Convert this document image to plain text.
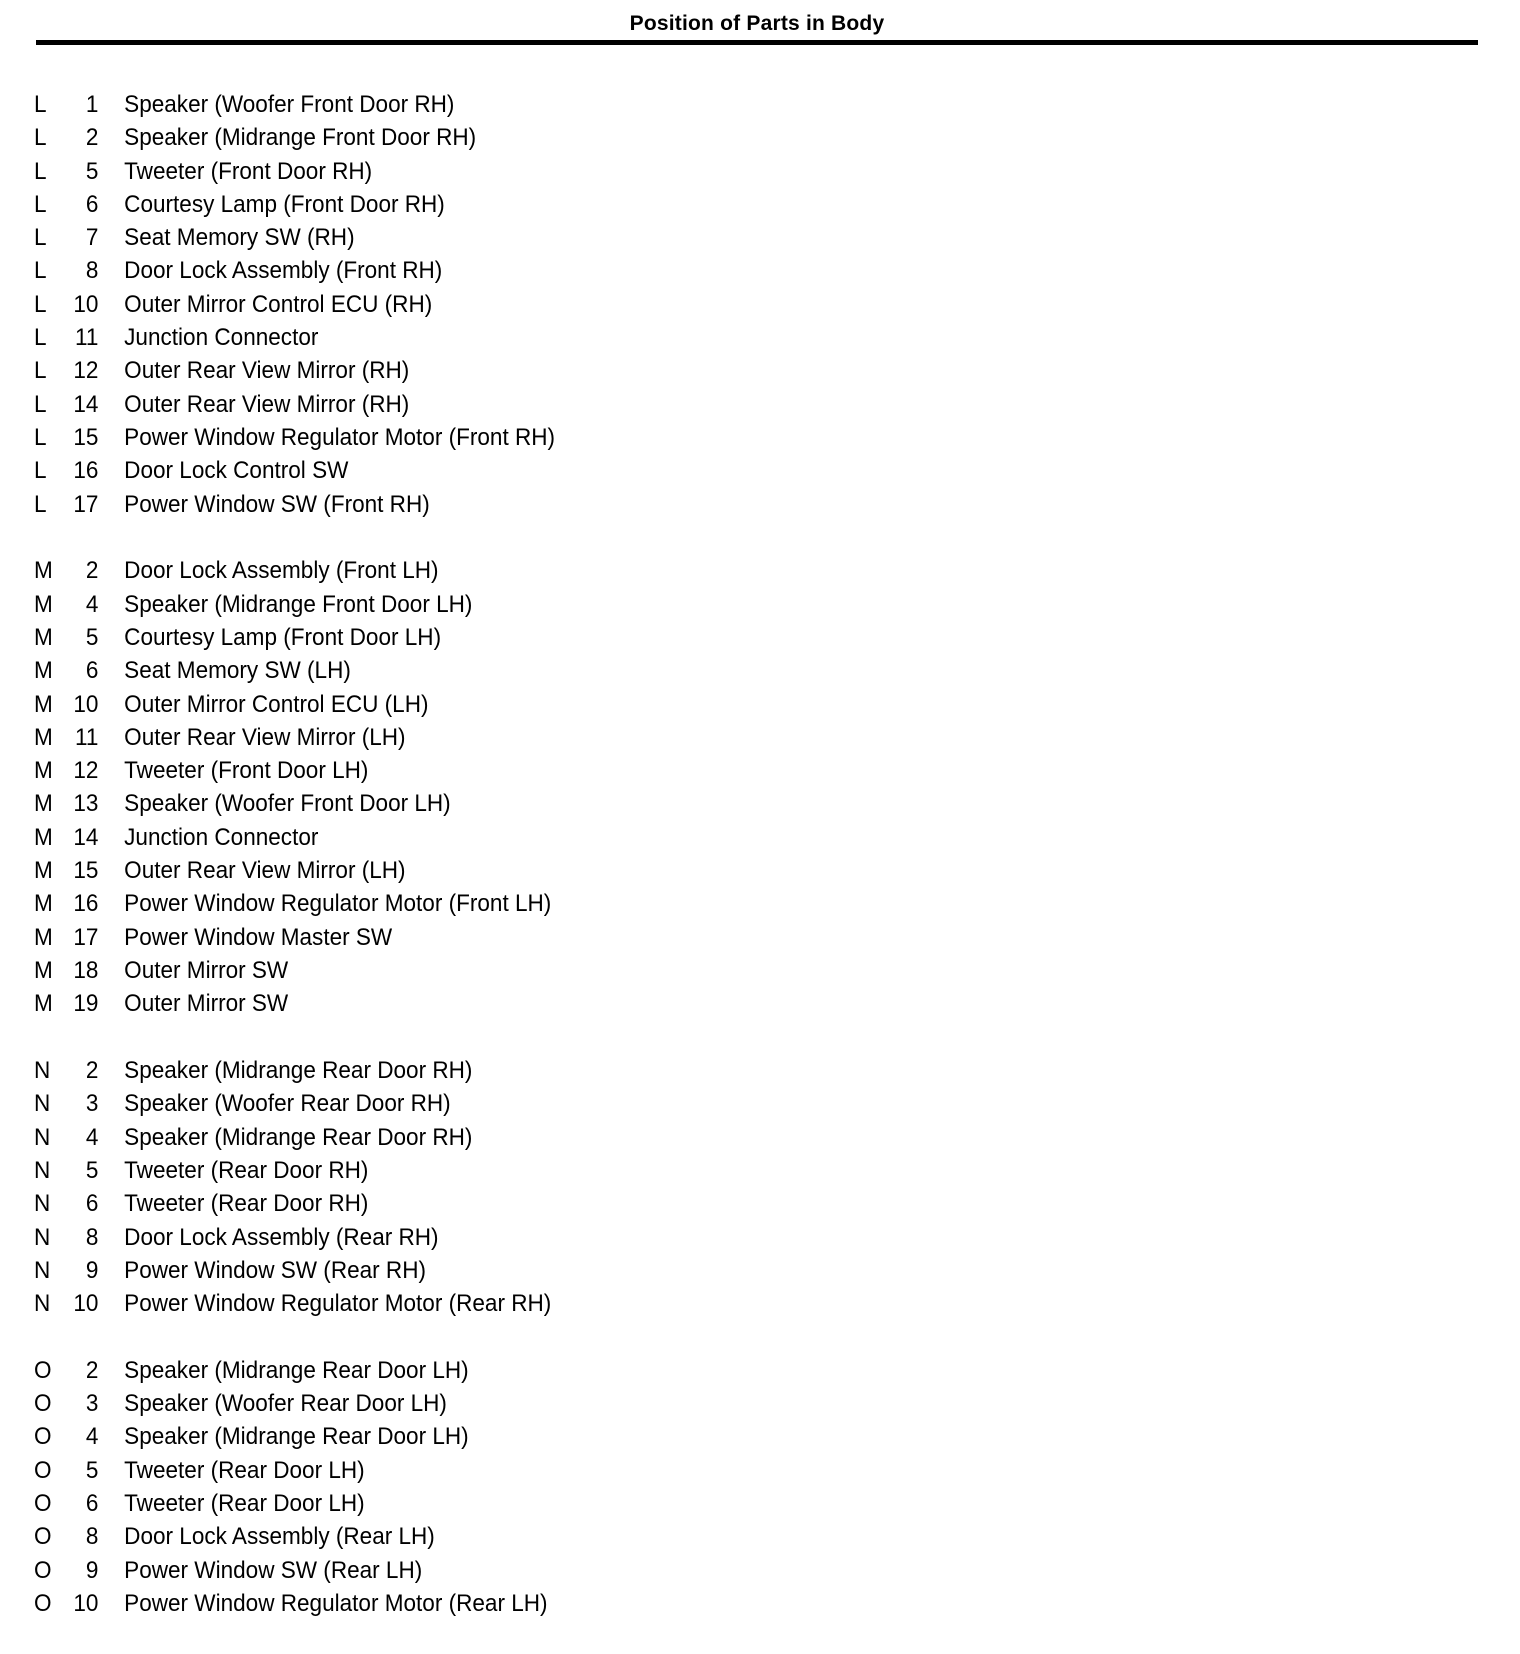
Position of Parts in Body
L	1	Speaker (Woofer Front Door RH)
L	2	Speaker (Midrange Front Door RH)
L	5	Tweeter (Front Door RH)
L	6	Courtesy Lamp (Front Door RH)
L	7	Seat Memory SW (RH)
L	8	Door Lock Assembly (Front RH)
L	10	Outer Mirror Control ECU (RH)
L	11	Junction Connector
L	12	Outer Rear View Mirror (RH)
L	14	Outer Rear View Mirror (RH)
L	15	Power Window Regulator Motor (Front RH)
L	16	Door Lock Control SW
L	17	Power Window SW (Front RH)
M	2	Door Lock Assembly (Front LH)
M	4	Speaker (Midrange Front Door LH)
M	5	Courtesy Lamp (Front Door LH)
M	6	Seat Memory SW (LH)
M 10	Outer Mirror Control ECU (LH)
M 11	Outer Rear View Mirror (LH)
M 12	Tweeter (Front Door LH)
M 13	Speaker (Woofer Front Door LH)
M 14	Junction Connector
M 15	Outer Rear View Mirror (LH)
M 16	Power Window Regulator Motor (Front LH)
M 17	Power Window Master SW
M 18	Outer Mirror SW
M 19	Outer Mirror SW
N	2	Speaker (Midrange Rear Door RH)
N	3	Speaker (Woofer Rear Door RH)
N	4	Speaker (Midrange Rear Door RH)
N	5	Tweeter (Rear Door RH)
N	6	Tweeter (Rear Door RH)
N	8	Door Lock Assembly (Rear RH)
N	9	Power Window SW (Rear RH)
N 10	Power Window Regulator Motor (Rear RH)
O	2	Speaker (Midrange Rear Door LH)
O	3	Speaker (Woofer Rear Door LH)
O	4	Speaker (Midrange Rear Door LH)
O	5	Tweeter (Rear Door LH)
O	6	Tweeter (Rear Door LH)
O	8	Door Lock Assembly (Rear LH)
O	9	Power Window SW (Rear LH)
O 10	Power Window Regulator Motor (Rear LH)
